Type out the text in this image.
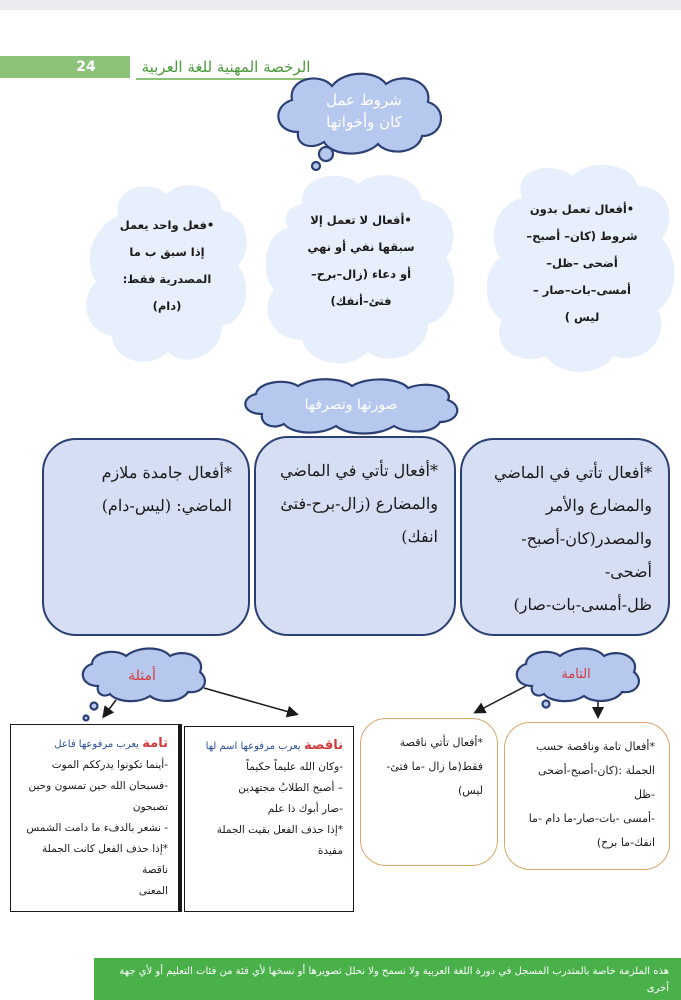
24	الرخصة المهنية للغة العربية
شروط عمل
كان وأخواتها
•أفعال تعمل بدون
شروط (كان– أصبح–
أضحى –ظل–
أمسى–بات–صار –
ليس )
•أفعال لا تعمل إلا
سبقها نفي أو نهي
أو دعاء (زال–برح–
فتئ–أنفك)
•فعل واحد يعمل
إذا سبق ب ما
المصدرية فقط:
(دام)
صورتها وتصرفها
*أفعال تأتي في الماضي
والمضارع والأمر
والمصدر(كان-أصبح-أضحى-
ظل-أمسى-بات-صار)
*أفعال تأتي في الماضي
والمضارع (زال-برح-فتئ
انفك)
*أفعال جامدة ملازم
الماضي: (ليس-دام)
التامة
أمثلة
*أفعال تامة وناقصة حسب
الجملة :(كان-أصبح-أضحى -ظل
-أمسى -بات-صار-ما دام -ما
انفك-ما برح)
*أفعال تأتي ناقصة
فقط(ما زال -ما فتئ-
ليس)
ناقصة يعرب مرفوعها اسم لها
-وكان الله عليماً حكيماً
– أصبح الطلابُ مجتهدين
-صار أبوك ذا علم
*إذا حذف الفعل بقيت الجملة
مفيدة
تامة يعرب مرفوعها فاعل
-أينما تكونوا يدرككم الموت
-فسبحان الله حين تمسون وحين
تصبحون
- نشعر بالدفء ما دامت الشمس
*إذا حذف الفعل كانت الجملة ناقصة
المعنى
هذه الملزمة خاصة بالمتدرب المسجل في دورة اللغة العربية ولا نسمح ولا نحلل تصويرها أو نسخها لأي فئة من فئات التعليم أو لأي جهة أخرى
